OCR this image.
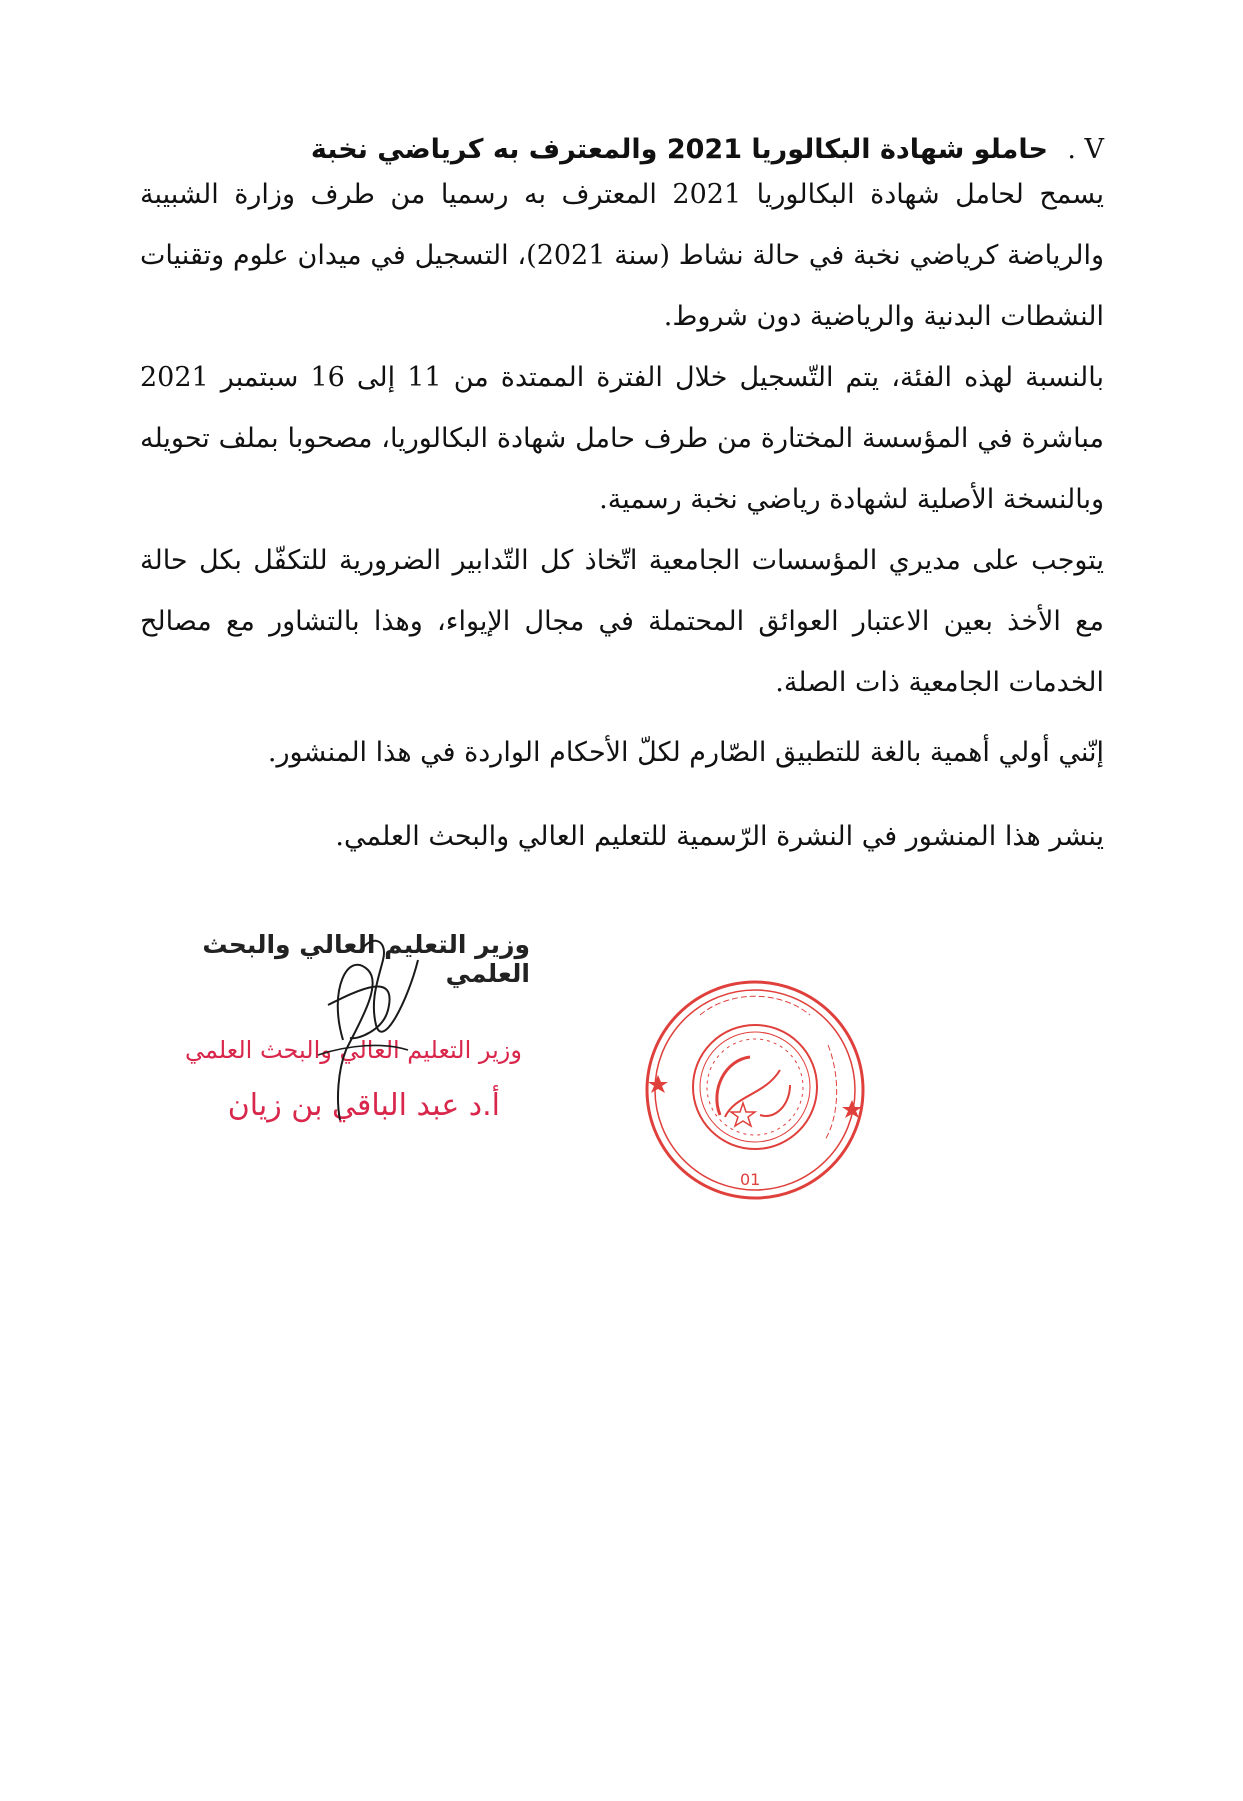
V . حاملو شهادة البكالوريا 2021 والمعترف به كرياضي نخبة
يسمح لحامل شهادة البكالوريا 2021 المعترف به رسميا من طرف وزارة الشبيبة والرياضة كرياضي نخبة في حالة نشاط (سنة 2021)، التسجيل في ميدان علوم وتقنيات النشطات البدنية والرياضية دون شروط.
بالنسبة لهذه الفئة، يتم التّسجيل خلال الفترة الممتدة من 11 إلى 16 سبتمبر 2021 مباشرة في المؤسسة المختارة من طرف حامل شهادة البكالوريا، مصحوبا بملف تحويله وبالنسخة الأصلية لشهادة رياضي نخبة رسمية.
يتوجب على مديري المؤسسات الجامعية اتّخاذ كل التّدابير الضرورية للتكفّل بكل حالة مع الأخذ بعين الاعتبار العوائق المحتملة في مجال الإيواء، وهذا بالتشاور مع مصالح الخدمات الجامعية ذات الصلة.
إنّني أولي أهمية بالغة للتطبيق الصّارم لكلّ الأحكام الواردة في هذا المنشور.
ينشر هذا المنشور في النشرة الرّسمية للتعليم العالي والبحث العلمي.
وزير التعليم العالي والبحث العلمي
وزير التعليم العالي والبحث العلمي
أ.د عبد الباقي بن زيان
01
